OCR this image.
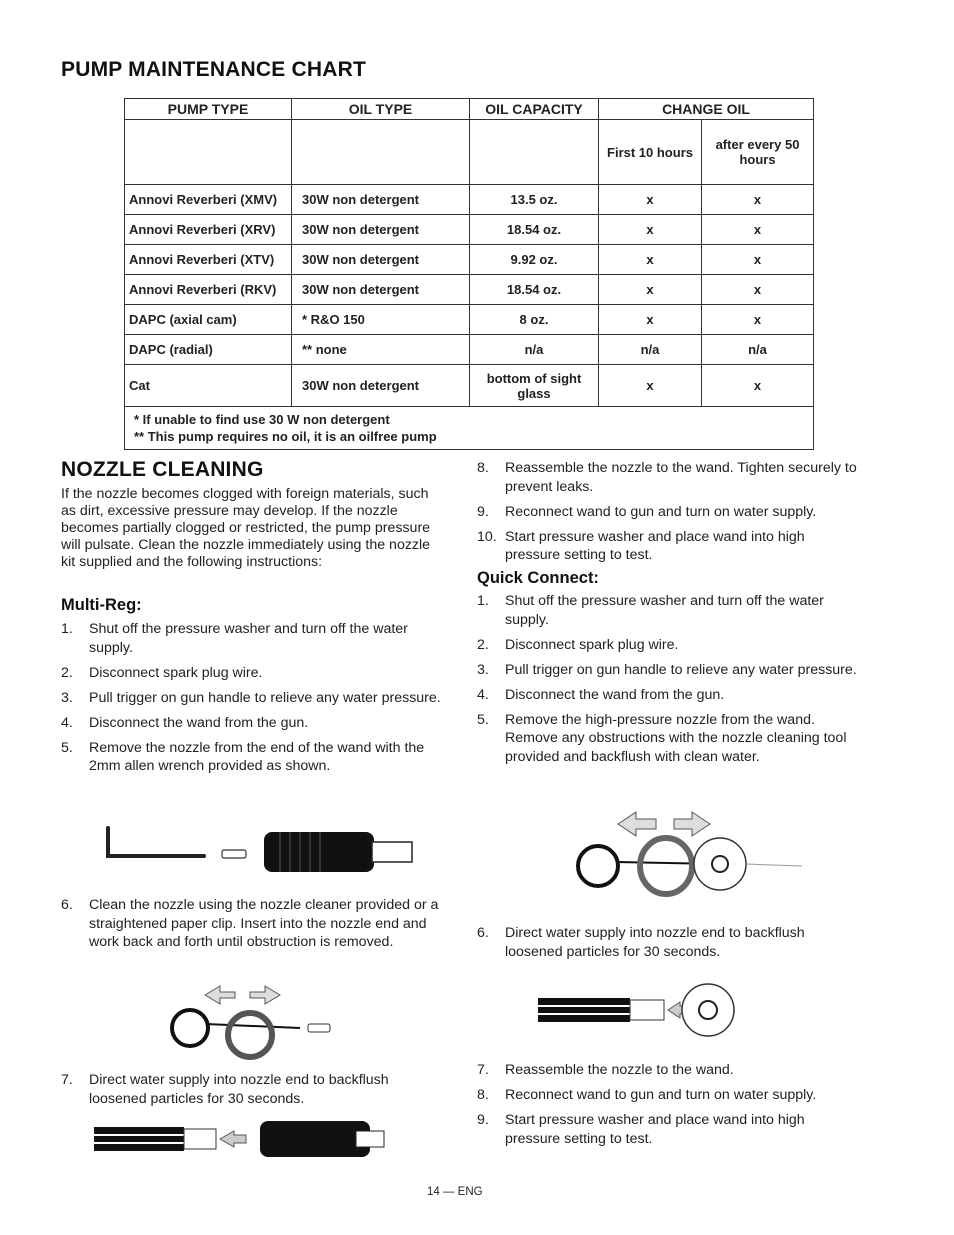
PUMP MAINTENANCE CHART
PUMP TYPE	OIL TYPE	OIL CAPACITY	CHANGE OIL	
			First 10 hours	after every 50 hours
Annovi Reverberi (XMV)	30W non detergent	13.5 oz.	x	x
Annovi Reverberi (XRV)	30W non detergent	18.54 oz.	x	x
Annovi Reverberi (XTV)	30W non detergent	9.92 oz.	x	x
Annovi Reverberi (RKV)	30W non detergent	18.54 oz.	x	x
DAPC (axial cam)	* R&O 150	8 oz.	x	x
DAPC (radial)	** none	n/a	n/a	n/a
Cat	30W non detergent	bottom of sight glass	x	x

* If unable to find use 30 W non detergent
** This pump requires no oil, it is an oilfree pump				
NOZZLE CLEANING

If the nozzle becomes clogged with foreign materials, such as dirt, excessive pressure may develop. If the nozzle becomes partially clogged or restricted, the pump pressure will pulsate. Clean the nozzle immediately using the nozzle kit supplied and the following instructions:

Multi-Reg:
1. Shut off the pressure washer and turn off the water supply.
2. Disconnect spark plug wire.
3. Pull trigger on gun handle to relieve any water pressure.
4. Disconnect the wand from the gun.
5. Remove the nozzle from the end of the wand with the 2mm allen wrench provided as shown.
6. Clean the nozzle using the nozzle cleaner provided or a straightened paper clip. Insert into the nozzle end and work back and forth until obstruction is removed.
7. Direct water supply into nozzle end to backflush loosened particles for 30 seconds.
8. Reassemble the nozzle to the wand. Tighten securely to prevent leaks.
9. Reconnect wand to gun and turn on water supply.
10. Start pressure washer and place wand into high pressure setting to test.
Quick Connect:
1. Shut off the pressure washer and turn off the water supply.
2. Disconnect spark plug wire.
3. Pull trigger on gun handle to relieve any water pressure.
4. Disconnect the wand from the gun.
5. Remove the high-pressure nozzle from the wand. Remove any obstructions with the nozzle cleaning tool provided and backflush with clean water.
6. Direct water supply into nozzle end to backflush loosened particles for 30 seconds.
7. Reassemble the nozzle to the wand.
8. Reconnect wand to gun and turn on water supply.
9. Start pressure washer and place wand into high pressure setting to test.
14 — ENG
